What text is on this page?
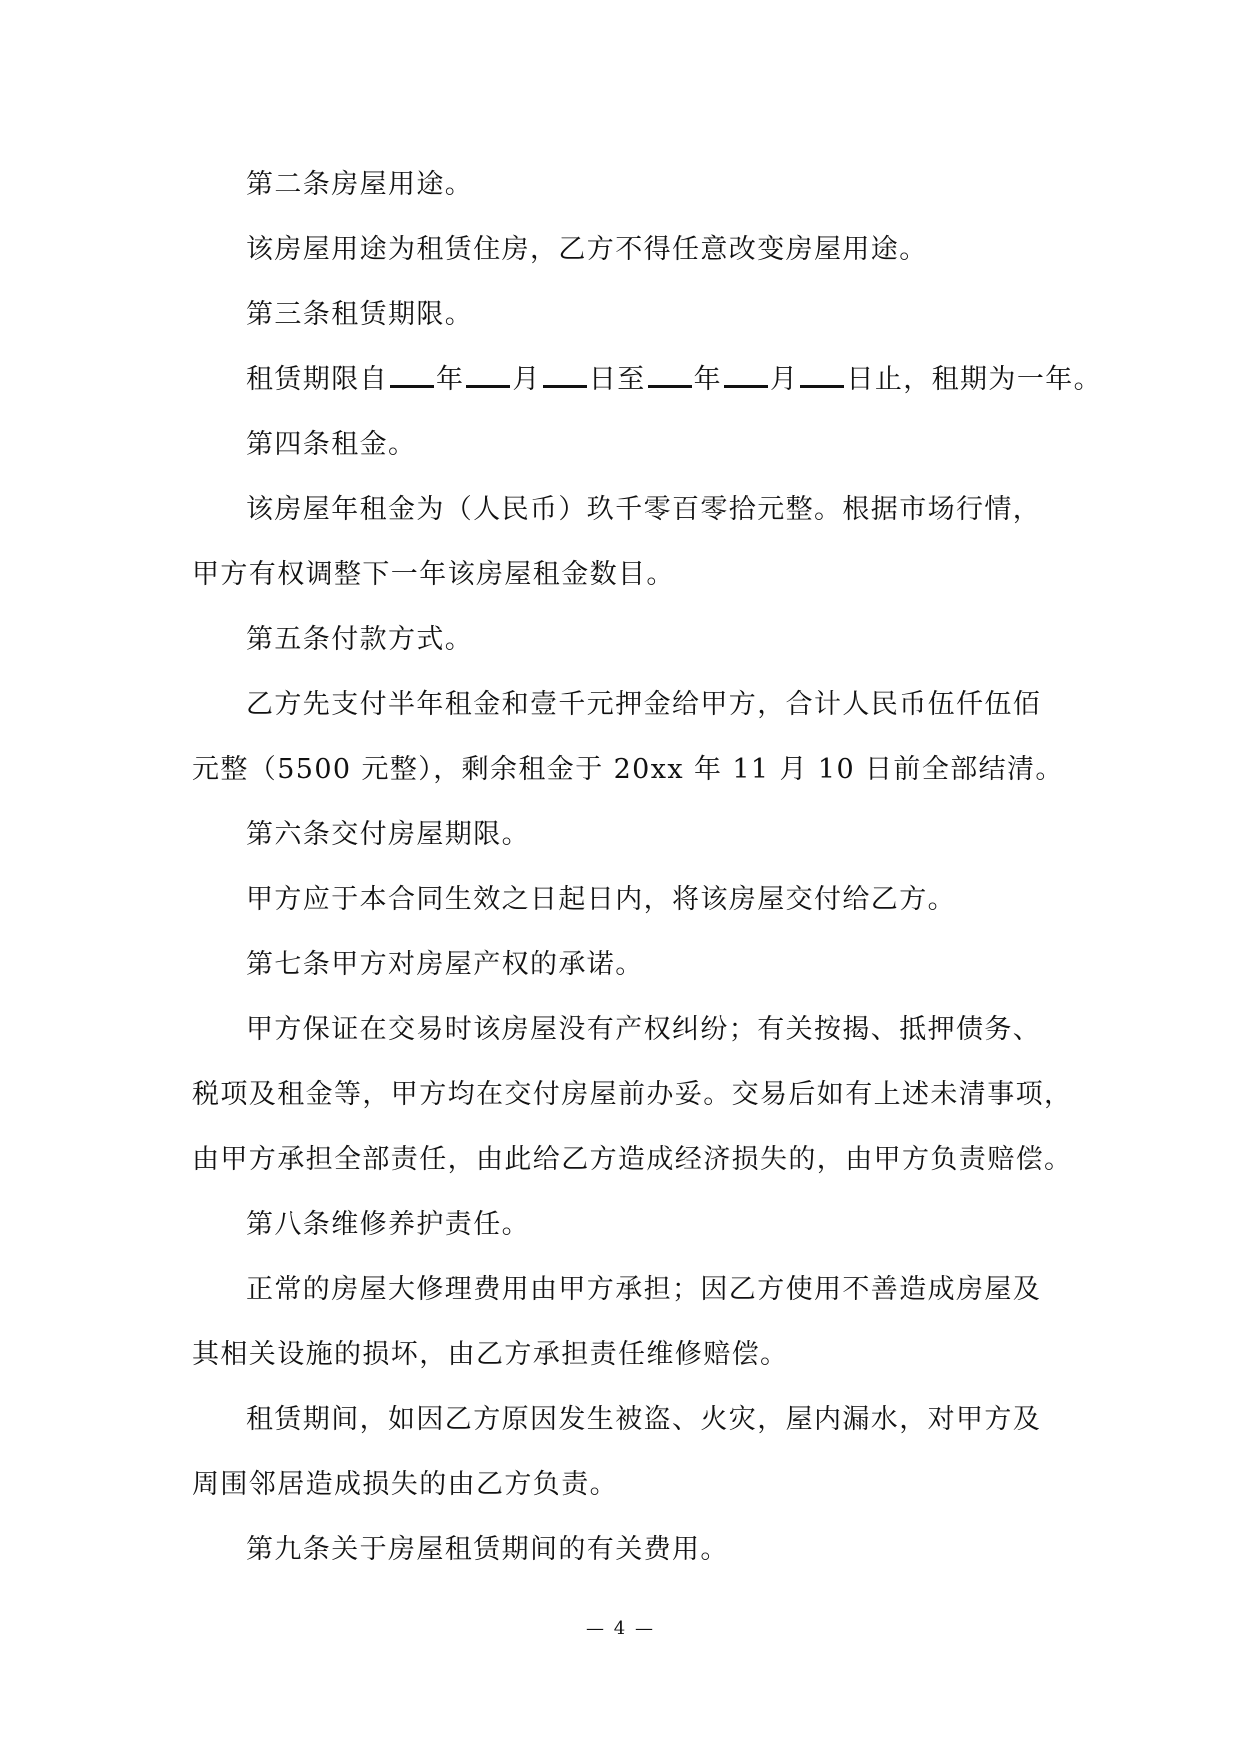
第二条房屋用途。
该房屋用途为租赁住房，乙方不得任意改变房屋用途。
第三条租赁期限。
租赁期限自 年 月 日至 年 月 日止，租期为一年。
第四条租金。
该房屋年租金为（人民币）玖千零百零拾元整。根据市场行情，
甲方有权调整下一年该房屋租金数目。
第五条付款方式。
乙方先支付半年租金和壹千元押金给甲方，合计人民币伍仟伍佰
元整（5500 元整），剩余租金于 20xx 年 11 月 10 日前全部结清。
第六条交付房屋期限。
甲方应于本合同生效之日起日内，将该房屋交付给乙方。
第七条甲方对房屋产权的承诺。
甲方保证在交易时该房屋没有产权纠纷；有关按揭、抵押债务、
税项及租金等，甲方均在交付房屋前办妥。交易后如有上述未清事项，
由甲方承担全部责任，由此给乙方造成经济损失的，由甲方负责赔偿。
第八条维修养护责任。
正常的房屋大修理费用由甲方承担；因乙方使用不善造成房屋及
其相关设施的损坏，由乙方承担责任维修赔偿。
租赁期间，如因乙方原因发生被盗、火灾，屋内漏水，对甲方及
周围邻居造成损失的由乙方负责。
第九条关于房屋租赁期间的有关费用。
— 4 —
